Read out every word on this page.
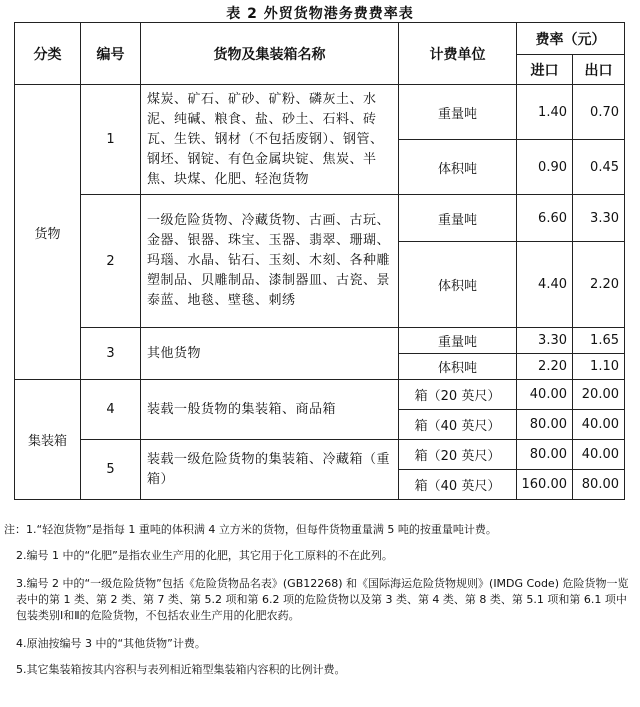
表 2 外贸货物港务费费率表
分类	编号	货物及集装箱名称	计费单位	费率（元）	
				进口	出口
货物	1	煤炭、矿石、矿砂、矿粉、磷灰土、水泥、纯碱、粮食、盐、砂土、石料、砖瓦、生铁、钢材（不包括废钢）、钢管、钢坯、钢锭、有色金属块锭、焦炭、半焦、块煤、化肥、轻泡货物	重量吨	1.40	0.70
			体积吨	0.90	0.45
	2	一级危险货物、冷藏货物、古画、古玩、金器、银器、珠宝、玉器、翡翠、珊瑚、玛瑙、水晶、钻石、玉刻、木刻、各种雕塑制品、贝雕制品、漆制器皿、古瓷、景泰蓝、地毯、壁毯、刺绣	重量吨	6.60	3.30
			体积吨	4.40	2.20
	3	其他货物	重量吨	3.30	1.65
			体积吨	2.20	1.10
集装箱	4	装载一般货物的集装箱、商品箱	箱（20 英尺）	40.00	20.00
			箱（40 英尺）	80.00	40.00
	5	装载一级危险货物的集装箱、冷藏箱（重箱）	箱（20 英尺）	80.00	40.00
			箱（40 英尺）	160.00	80.00

注：1.“轻泡货物”是指每 1 重吨的体积满 4 立方米的货物，但每件货物重量满 5 吨的按重量吨计费。

2.编号 1 中的“化肥”是指农业生产用的化肥，其它用于化工原料的不在此列。

3.编号 2 中的“一级危险货物”包括《危险货物品名表》(GB12268) 和《国际海运危险货物规则》(IMDG Code) 危险货物一览表中的第 1 类、第 2 类、第 7 类、第 5.2 项和第 6.2 项的危险货物以及第 3 类、第 4 类、第 8 类、第 5.1 项和第 6.1 项中包装类别Ⅰ和Ⅱ的危险货物，不包括农业生产用的化肥农药。

4.原油按编号 3 中的“其他货物”计费。

5.其它集装箱按其内容积与表列相近箱型集装箱内容积的比例计费。
